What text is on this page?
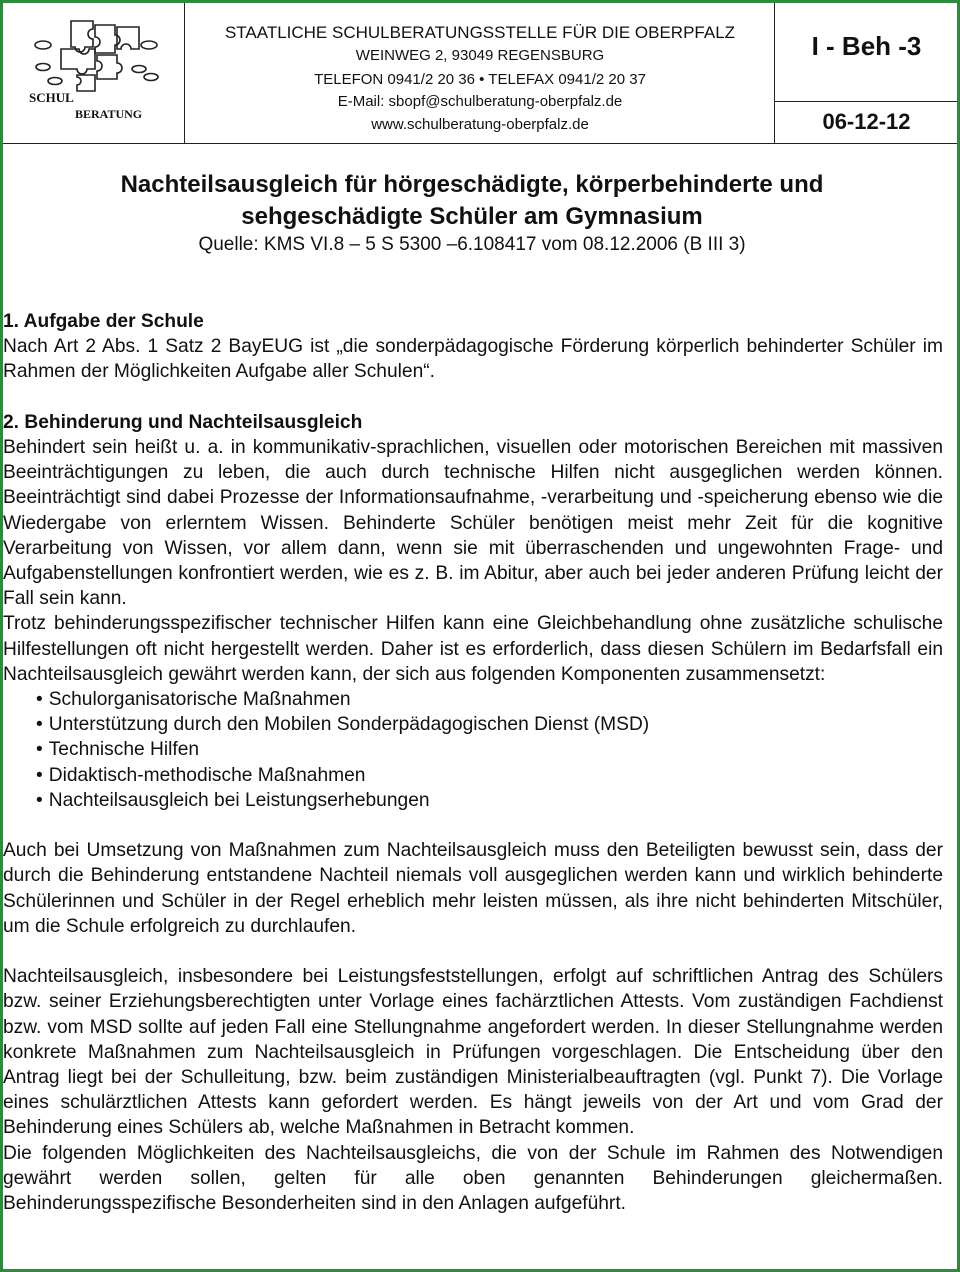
SCHUL
BERATUNG
STAATLICHE SCHULBERATUNGSSTELLE FÜR DIE OBERPFALZ
WEINWEG 2, 93049 REGENSBURG
TELEFON 0941/2 20 36 • TELEFAX 0941/2 20 37
E-Mail: sbopf@schulberatung-oberpfalz.de
www.schulberatung-oberpfalz.de
I - Beh -3
06-12-12
Nachteilsausgleich für hörgeschädigte, körperbehinderte und
sehgeschädigte Schüler am Gymnasium
Quelle: KMS VI.8 – 5 S 5300 –6.108417 vom 08.12.2006 (B III 3)
1. Aufgabe der Schule
Nach Art 2 Abs. 1 Satz 2 BayEUG ist „die sonderpädagogische Förderung körperlich behinderter Schüler im Rahmen der Möglichkeiten Aufgabe aller Schulen“.
2. Behinderung und Nachteilsausgleich
Behindert sein heißt u. a. in kommunikativ-sprachlichen, visuellen oder motorischen Bereichen mit massiven Beeinträchtigungen zu leben, die auch durch technische Hilfen nicht ausgeglichen werden können. Beeinträchtigt sind dabei Prozesse der Informationsaufnahme, -verarbeitung und -speicherung ebenso wie die Wiedergabe von erlerntem Wissen. Behinderte Schüler benötigen meist mehr Zeit für die kognitive Verarbeitung von Wissen, vor allem dann, wenn sie mit überraschenden und ungewohnten Frage- und Aufgabenstellungen konfrontiert werden, wie es z. B. im Abitur, aber auch bei jeder anderen Prüfung leicht der Fall sein kann.
Trotz behinderungsspezifischer technischer Hilfen kann eine Gleichbehandlung ohne zusätzliche schulische Hilfestellungen oft nicht hergestellt werden. Daher ist es erforderlich, dass diesen Schülern im Bedarfsfall ein Nachteilsausgleich gewährt werden kann, der sich aus folgenden Komponenten zusammensetzt:
• Schulorganisatorische Maßnahmen
• Unterstützung durch den Mobilen Sonderpädagogischen Dienst (MSD)
• Technische Hilfen
• Didaktisch-methodische Maßnahmen
• Nachteilsausgleich bei Leistungserhebungen
Auch bei Umsetzung von Maßnahmen zum Nachteilsausgleich muss den Beteiligten bewusst sein, dass der durch die Behinderung entstandene Nachteil niemals voll ausgeglichen werden kann und wirklich behinderte Schülerinnen und Schüler in der Regel erheblich mehr leisten müssen, als ihre nicht behinderten Mitschüler, um die Schule erfolgreich zu durchlaufen.
Nachteilsausgleich, insbesondere bei Leistungsfeststellungen, erfolgt auf schriftlichen Antrag des Schülers bzw. seiner Erziehungsberechtigten unter Vorlage eines fachärztlichen Attests. Vom zuständigen Fachdienst bzw. vom MSD sollte auf jeden Fall eine Stellungnahme angefordert werden. In dieser Stellungnahme werden konkrete Maßnahmen zum Nachteilsausgleich in Prüfungen vorgeschlagen. Die Entscheidung über den Antrag liegt bei der Schulleitung, bzw. beim zuständigen Ministerialbeauftragten (vgl. Punkt 7). Die Vorlage eines schulärztlichen Attests kann gefordert werden. Es hängt jeweils von der Art und vom Grad der Behinderung eines Schülers ab, welche Maßnahmen in Betracht kommen.
Die folgenden Möglichkeiten des Nachteilsausgleichs, die von der Schule im Rahmen des Notwendigen gewährt werden sollen, gelten für alle oben genannten Behinderungen gleichermaßen. Behinderungsspezifische Besonderheiten sind in den Anlagen aufgeführt.
